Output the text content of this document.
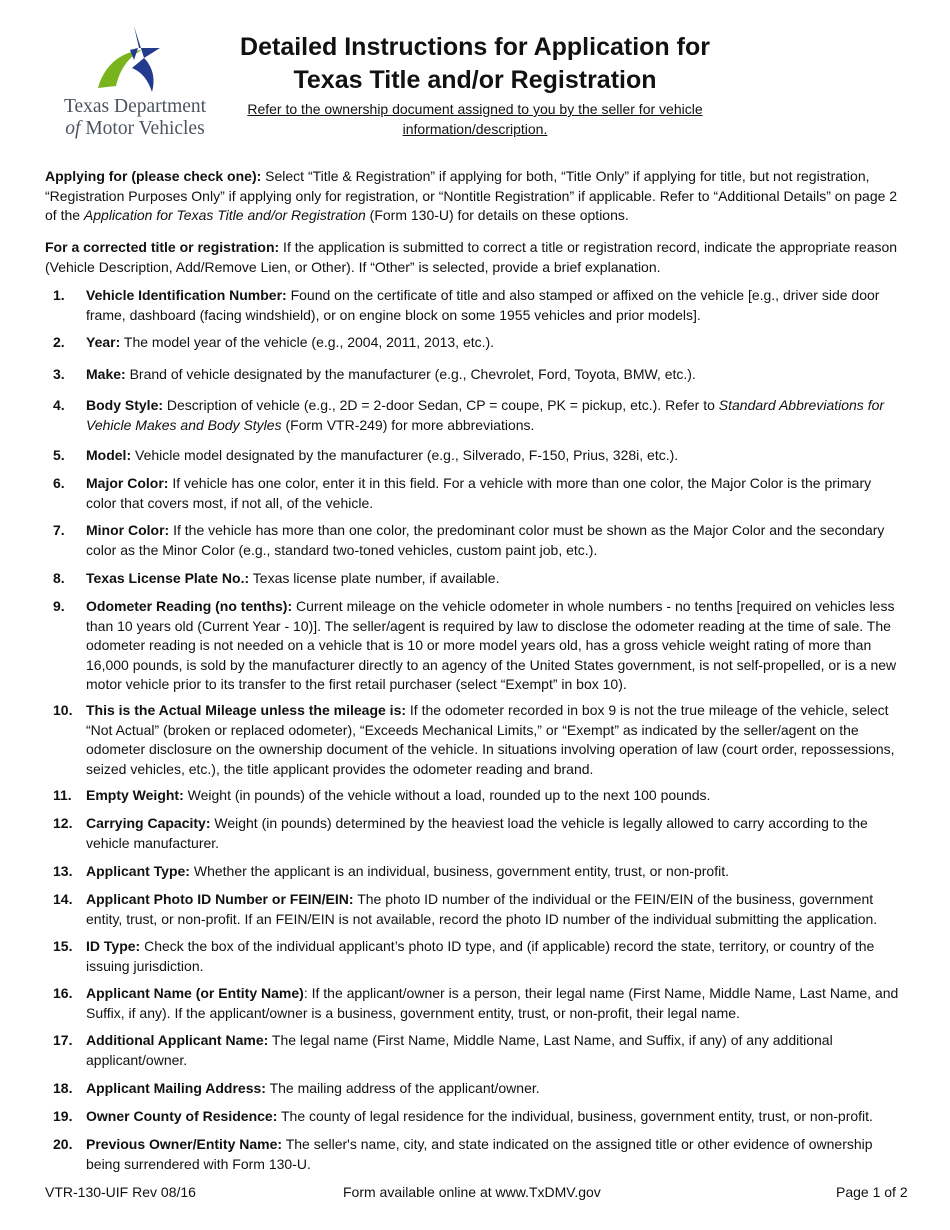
Texas Department
of Motor Vehicles
Detailed Instructions for Application for
Texas Title and/or Registration
Refer to the ownership document assigned to you by the seller for vehicle
information/description.
Applying for (please check one): Select “Title & Registration” if applying for both, “Title Only” if applying for title, but not registration, “Registration Purposes Only” if applying only for registration, or “Nontitle Registration” if applicable. Refer to “Additional Details” on page 2 of the Application for Texas Title and/or Registration (Form 130-U) for details on these options.
For a corrected title or registration: If the application is submitted to correct a title or registration record, indicate the appropriate reason (Vehicle Description, Add/Remove Lien, or Other). If “Other” is selected, provide a brief explanation.
1. Vehicle Identification Number: Found on the certificate of title and also stamped or affixed on the vehicle [e.g., driver side door frame, dashboard (facing windshield), or on engine block on some 1955 vehicles and prior models].
2. Year: The model year of the vehicle (e.g., 2004, 2011, 2013, etc.).
3. Make: Brand of vehicle designated by the manufacturer (e.g., Chevrolet, Ford, Toyota, BMW, etc.).
4. Body Style: Description of vehicle (e.g., 2D = 2-door Sedan, CP = coupe, PK = pickup, etc.). Refer to Standard Abbreviations for Vehicle Makes and Body Styles (Form VTR-249) for more abbreviations.
5. Model: Vehicle model designated by the manufacturer (e.g., Silverado, F-150, Prius, 328i, etc.).
6. Major Color: If vehicle has one color, enter it in this field. For a vehicle with more than one color, the Major Color is the primary color that covers most, if not all, of the vehicle.
7. Minor Color: If the vehicle has more than one color, the predominant color must be shown as the Major Color and the secondary color as the Minor Color (e.g., standard two-toned vehicles, custom paint job, etc.).
8. Texas License Plate No.: Texas license plate number, if available.
9. Odometer Reading (no tenths): Current mileage on the vehicle odometer in whole numbers - no tenths [required on vehicles less than 10 years old (Current Year - 10)]. The seller/agent is required by law to disclose the odometer reading at the time of sale. The odometer reading is not needed on a vehicle that is 10 or more model years old, has a gross vehicle weight rating of more than 16,000 pounds, is sold by the manufacturer directly to an agency of the United States government, is not self-propelled, or is a new motor vehicle prior to its transfer to the first retail purchaser (select “Exempt” in box 10).
10. This is the Actual Mileage unless the mileage is: If the odometer recorded in box 9 is not the true mileage of the vehicle, select “Not Actual” (broken or replaced odometer), “Exceeds Mechanical Limits,” or “Exempt” as indicated by the seller/agent on the odometer disclosure on the ownership document of the vehicle. In situations involving operation of law (court order, repossessions, seized vehicles, etc.), the title applicant provides the odometer reading and brand.
11. Empty Weight: Weight (in pounds) of the vehicle without a load, rounded up to the next 100 pounds.
12. Carrying Capacity: Weight (in pounds) determined by the heaviest load the vehicle is legally allowed to carry according to the vehicle manufacturer.
13. Applicant Type: Whether the applicant is an individual, business, government entity, trust, or non-profit.
14. Applicant Photo ID Number or FEIN/EIN: The photo ID number of the individual or the FEIN/EIN of the business, government entity, trust, or non-profit. If an FEIN/EIN is not available, record the photo ID number of the individual submitting the application.
15. ID Type: Check the box of the individual applicant’s photo ID type, and (if applicable) record the state, territory, or country of the issuing jurisdiction.
16. Applicant Name (or Entity Name): If the applicant/owner is a person, their legal name (First Name, Middle Name, Last Name, and Suffix, if any). If the applicant/owner is a business, government entity, trust, or non-profit, their legal name.
17. Additional Applicant Name: The legal name (First Name, Middle Name, Last Name, and Suffix, if any) of any additional applicant/owner.
18. Applicant Mailing Address: The mailing address of the applicant/owner.
19. Owner County of Residence: The county of legal residence for the individual, business, government entity, trust, or non-profit.
20. Previous Owner/Entity Name: The seller's name, city, and state indicated on the assigned title or other evidence of ownership being surrendered with Form 130-U.
VTR-130-UIF Rev 08/16	Form available online at www.TxDMV.gov	Page 1 of 2
